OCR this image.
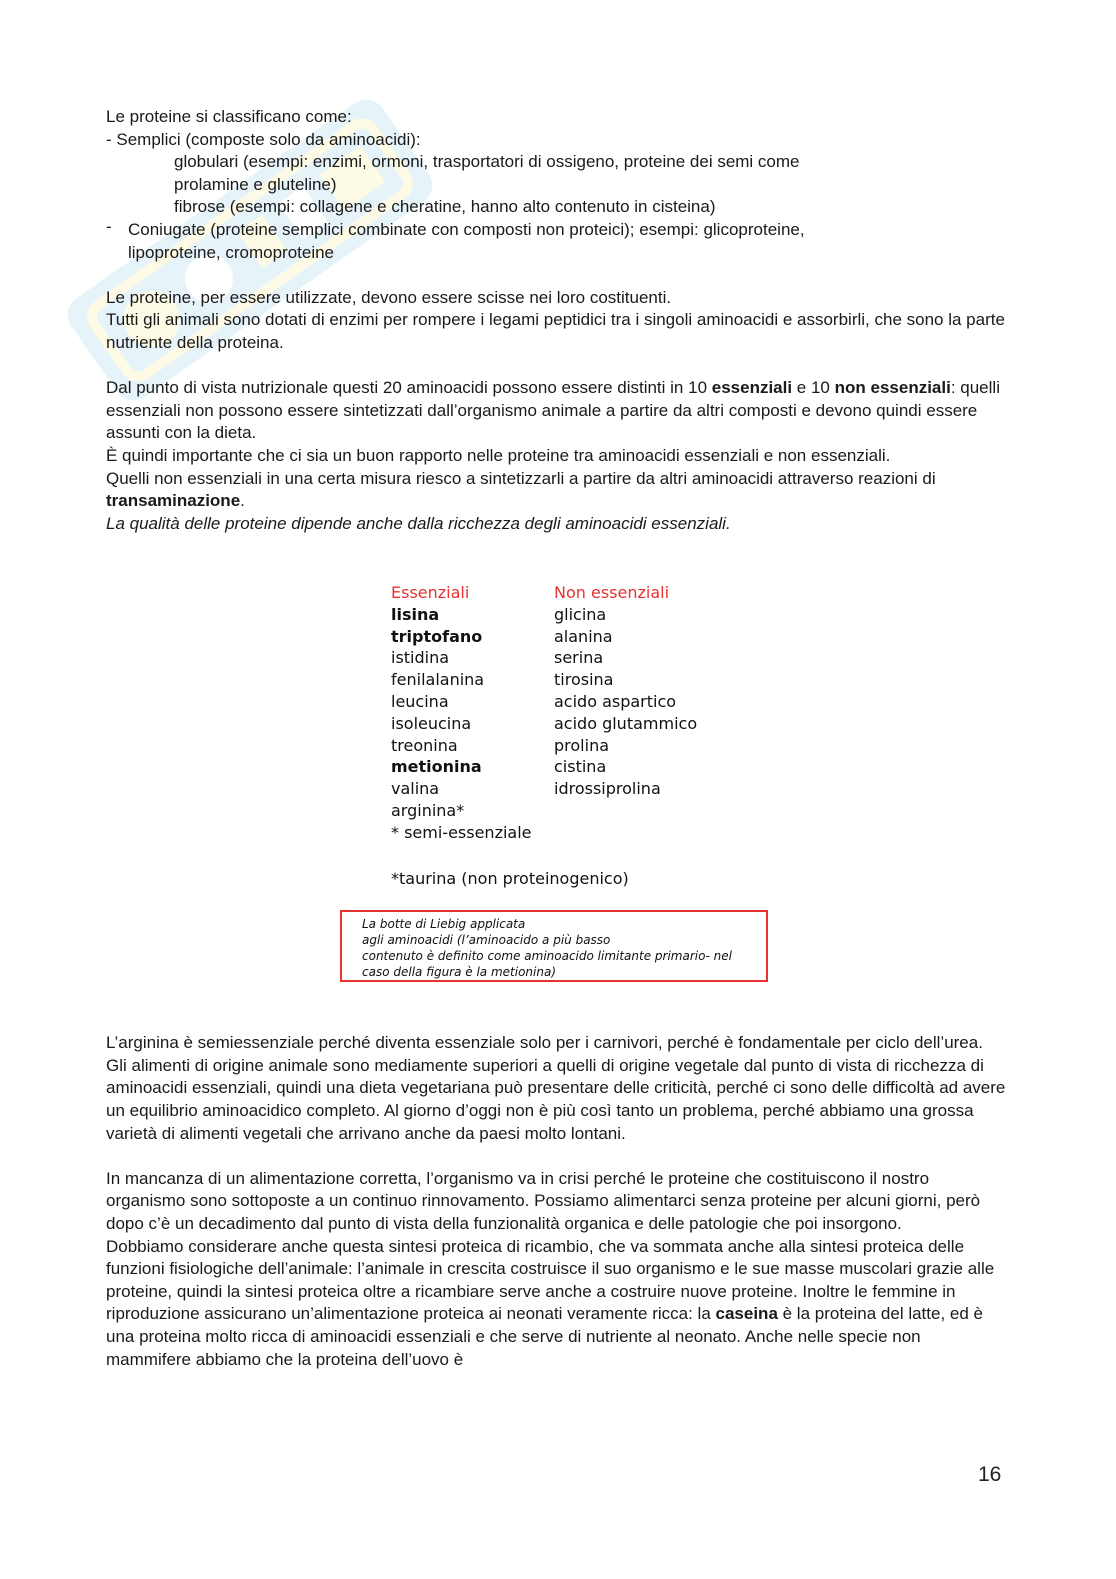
Le proteine si classificano come:

- Semplici (composte solo da aminoacidi):

globulari (esempi: enzimi, ormoni, trasportatori di ossigeno, proteine dei semi come

prolamine e gluteline)

fibrose (esempi: collagene e cheratine, hanno alto contenuto in cisteina)

- Coniugate (proteine semplici combinate con composti non proteici); esempi: glicoproteine,

lipoproteine, cromoproteine

Le proteine, per essere utilizzate, devono essere scisse nei loro costituenti.

Tutti gli animali sono dotati di enzimi per rompere i legami peptidici tra i singoli aminoacidi e assorbirli, che sono la parte nutriente della proteina.

Dal punto di vista nutrizionale questi 20 aminoacidi possono essere distinti in 10 essenziali e 10 non essenziali: quelli essenziali non possono essere sintetizzati dall’organismo animale a partire da altri composti e devono quindi essere assunti con la dieta.

È quindi importante che ci sia un buon rapporto nelle proteine tra aminoacidi essenziali e non essenziali.

Quelli non essenziali in una certa misura riesco a sintetizzarli a partire da altri aminoacidi attraverso reazioni di transaminazione.

La qualità delle proteine dipende anche dalla ricchezza degli aminoacidi essenziali.

L’arginina è semiessenziale perché diventa essenziale solo per i carnivori, perché è fondamentale per ciclo dell’urea.

Gli alimenti di origine animale sono mediamente superiori a quelli di origine vegetale dal punto di vista di ricchezza di aminoacidi essenziali, quindi una dieta vegetariana può presentare delle criticità, perché ci sono delle difficoltà ad avere un equilibrio aminoacidico completo. Al giorno d’oggi non è più così tanto un problema, perché abbiamo una grossa varietà di alimenti vegetali che arrivano anche da paesi molto lontani.

In mancanza di un alimentazione corretta, l’organismo va in crisi perché le proteine che costituiscono il nostro organismo sono sottoposte a un continuo rinnovamento. Possiamo alimentarci senza proteine per alcuni giorni, però dopo c’è un decadimento dal punto di vista della funzionalità organica e delle patologie che poi insorgono.

Dobbiamo considerare anche questa sintesi proteica di ricambio, che va sommata anche alla sintesi proteica delle funzioni fisiologiche dell’animale: l’animale in crescita costruisce il suo organismo e le sue masse muscolari grazie alle proteine, quindi la sintesi proteica oltre a ricambiare serve anche a costruire nuove proteine. Inoltre le femmine in riproduzione assicurano un’alimentazione proteica ai neonati veramente ricca: la caseina è la proteina del latte, ed è una proteina molto ricca di aminoacidi essenziali e che serve di nutriente al neonato. Anche nelle specie non mammifere abbiamo che la proteina dell’uovo è

Essenziali
lisina
triptofano
istidina
fenilalanina
leucina
isoleucina
treonina
metionina
valina
arginina*
* semi-essenziale
Non essenziali
glicina
alanina
serina
tirosina
acido aspartico
acido glutammico
prolina
cistina
idrossiprolina
*taurina (non proteinogenico)
La botte di Liebig applicata
agli aminoacidi (l’aminoacido a più basso
contenuto è definito come aminoacido limitante primario- nel
caso della figura è la metionina)
16
